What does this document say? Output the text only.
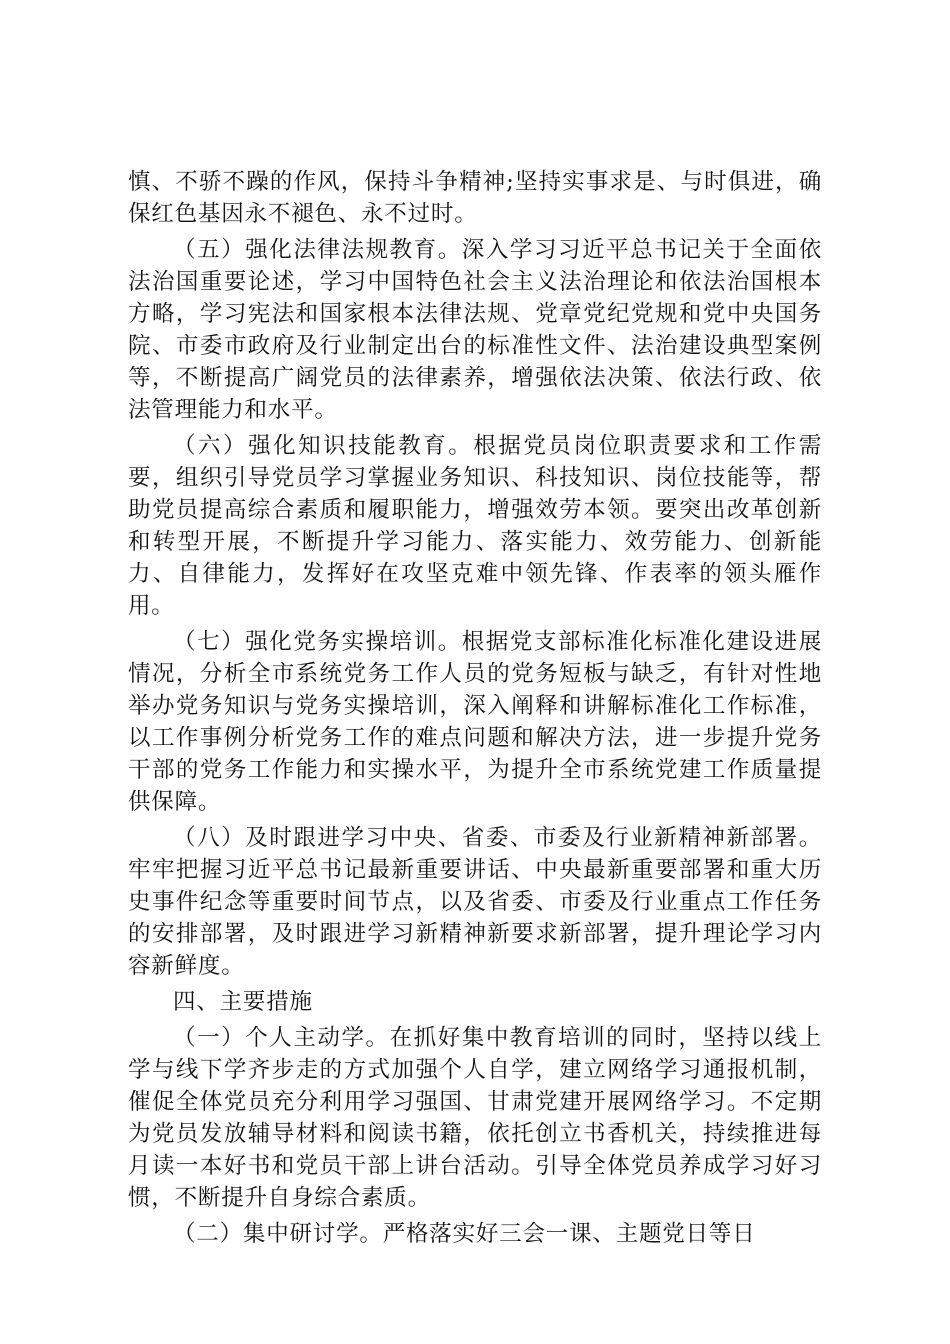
慎、不骄不躁的作风，保持斗争精神;坚持实事求是、与时俱进，确保红色基因永不褪色、永不过时。

（五）强化法律法规教育。深入学习习近平总书记关于全面依法治国重要论述，学习中国特色社会主义法治理论和依法治国根本方略，学习宪法和国家根本法律法规、党章党纪党规和党中央国务院、市委市政府及行业制定出台的标准性文件、法治建设典型案例等，不断提高广阔党员的法律素养，增强依法决策、依法行政、依法管理能力和水平。

（六）强化知识技能教育。根据党员岗位职责要求和工作需要，组织引导党员学习掌握业务知识、科技知识、岗位技能等，帮助党员提高综合素质和履职能力，增强效劳本领。要突出改革创新和转型开展，不断提升学习能力、落实能力、效劳能力、创新能力、自律能力，发挥好在攻坚克难中领先锋、作表率的领头雁作用。

（七）强化党务实操培训。根据党支部标准化标准化建设进展情况，分析全市系统党务工作人员的党务短板与缺乏，有针对性地举办党务知识与党务实操培训，深入阐释和讲解标准化工作标准，以工作事例分析党务工作的难点问题和解决方法，进一步提升党务干部的党务工作能力和实操水平，为提升全市系统党建工作质量提供保障。

（八）及时跟进学习中央、省委、市委及行业新精神新部署。牢牢把握习近平总书记最新重要讲话、中央最新重要部署和重大历史事件纪念等重要时间节点，以及省委、市委及行业重点工作任务的安排部署，及时跟进学习新精神新要求新部署，提升理论学习内容新鲜度。

四、主要措施

（一）个人主动学。在抓好集中教育培训的同时，坚持以线上学与线下学齐步走的方式加强个人自学，建立网络学习通报机制，催促全体党员充分利用学习强国、甘肃党建开展网络学习。不定期为党员发放辅导材料和阅读书籍，依托创立书香机关，持续推进每月读一本好书和党员干部上讲台活动。引导全体党员养成学习好习惯，不断提升自身综合素质。

（二）集中研讨学。严格落实好三会一课、主题党日等日
